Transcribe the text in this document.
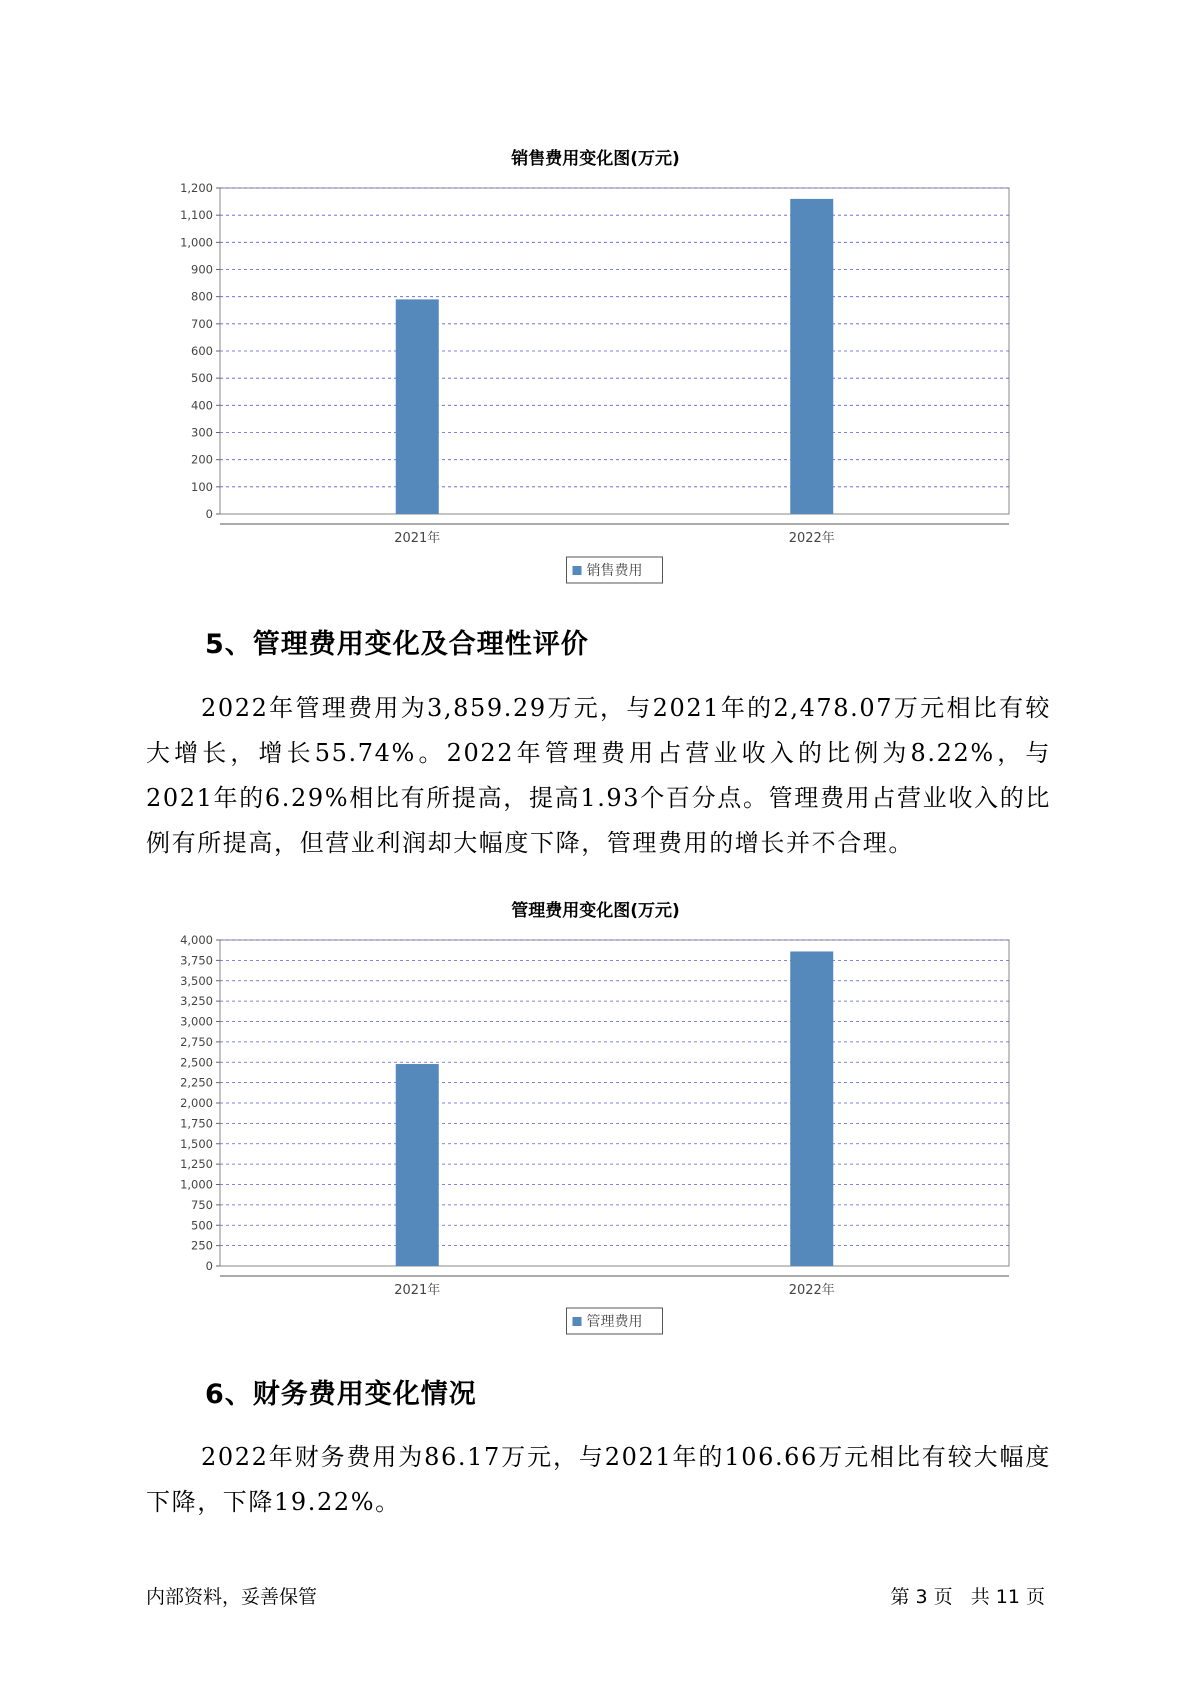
销售费用变化图(万元)
0
100
200
300
400
500
600
700
800
900
1,000
1,100
1,200
2021年	2022年
销售费用
5、管理费用变化及合理性评价

2022年管理费用为3,859.29万元，与2021年的2,478.07万元相比有较大增长，增长55.74%。2022年管理费用占营业收入的比例为8.22%，与2021年的6.29%相比有所提高，提高1.93个百分点。管理费用占营业收入的比例有所提高，但营业利润却大幅度下降，管理费用的增长并不合理。

管理费用变化图(万元)
0
250
500
750
1,000
1,250
1,500
1,750
2,000
2,250
2,500
2,750
3,000
3,250
3,500
3,750
4,000
2021年	2022年
管理费用
6、财务费用变化情况

2022年财务费用为86.17万元，与2021年的106.66万元相比有较大幅度下降，下降19.22%。

内部资料，妥善保管	第 3 页   共 11 页
